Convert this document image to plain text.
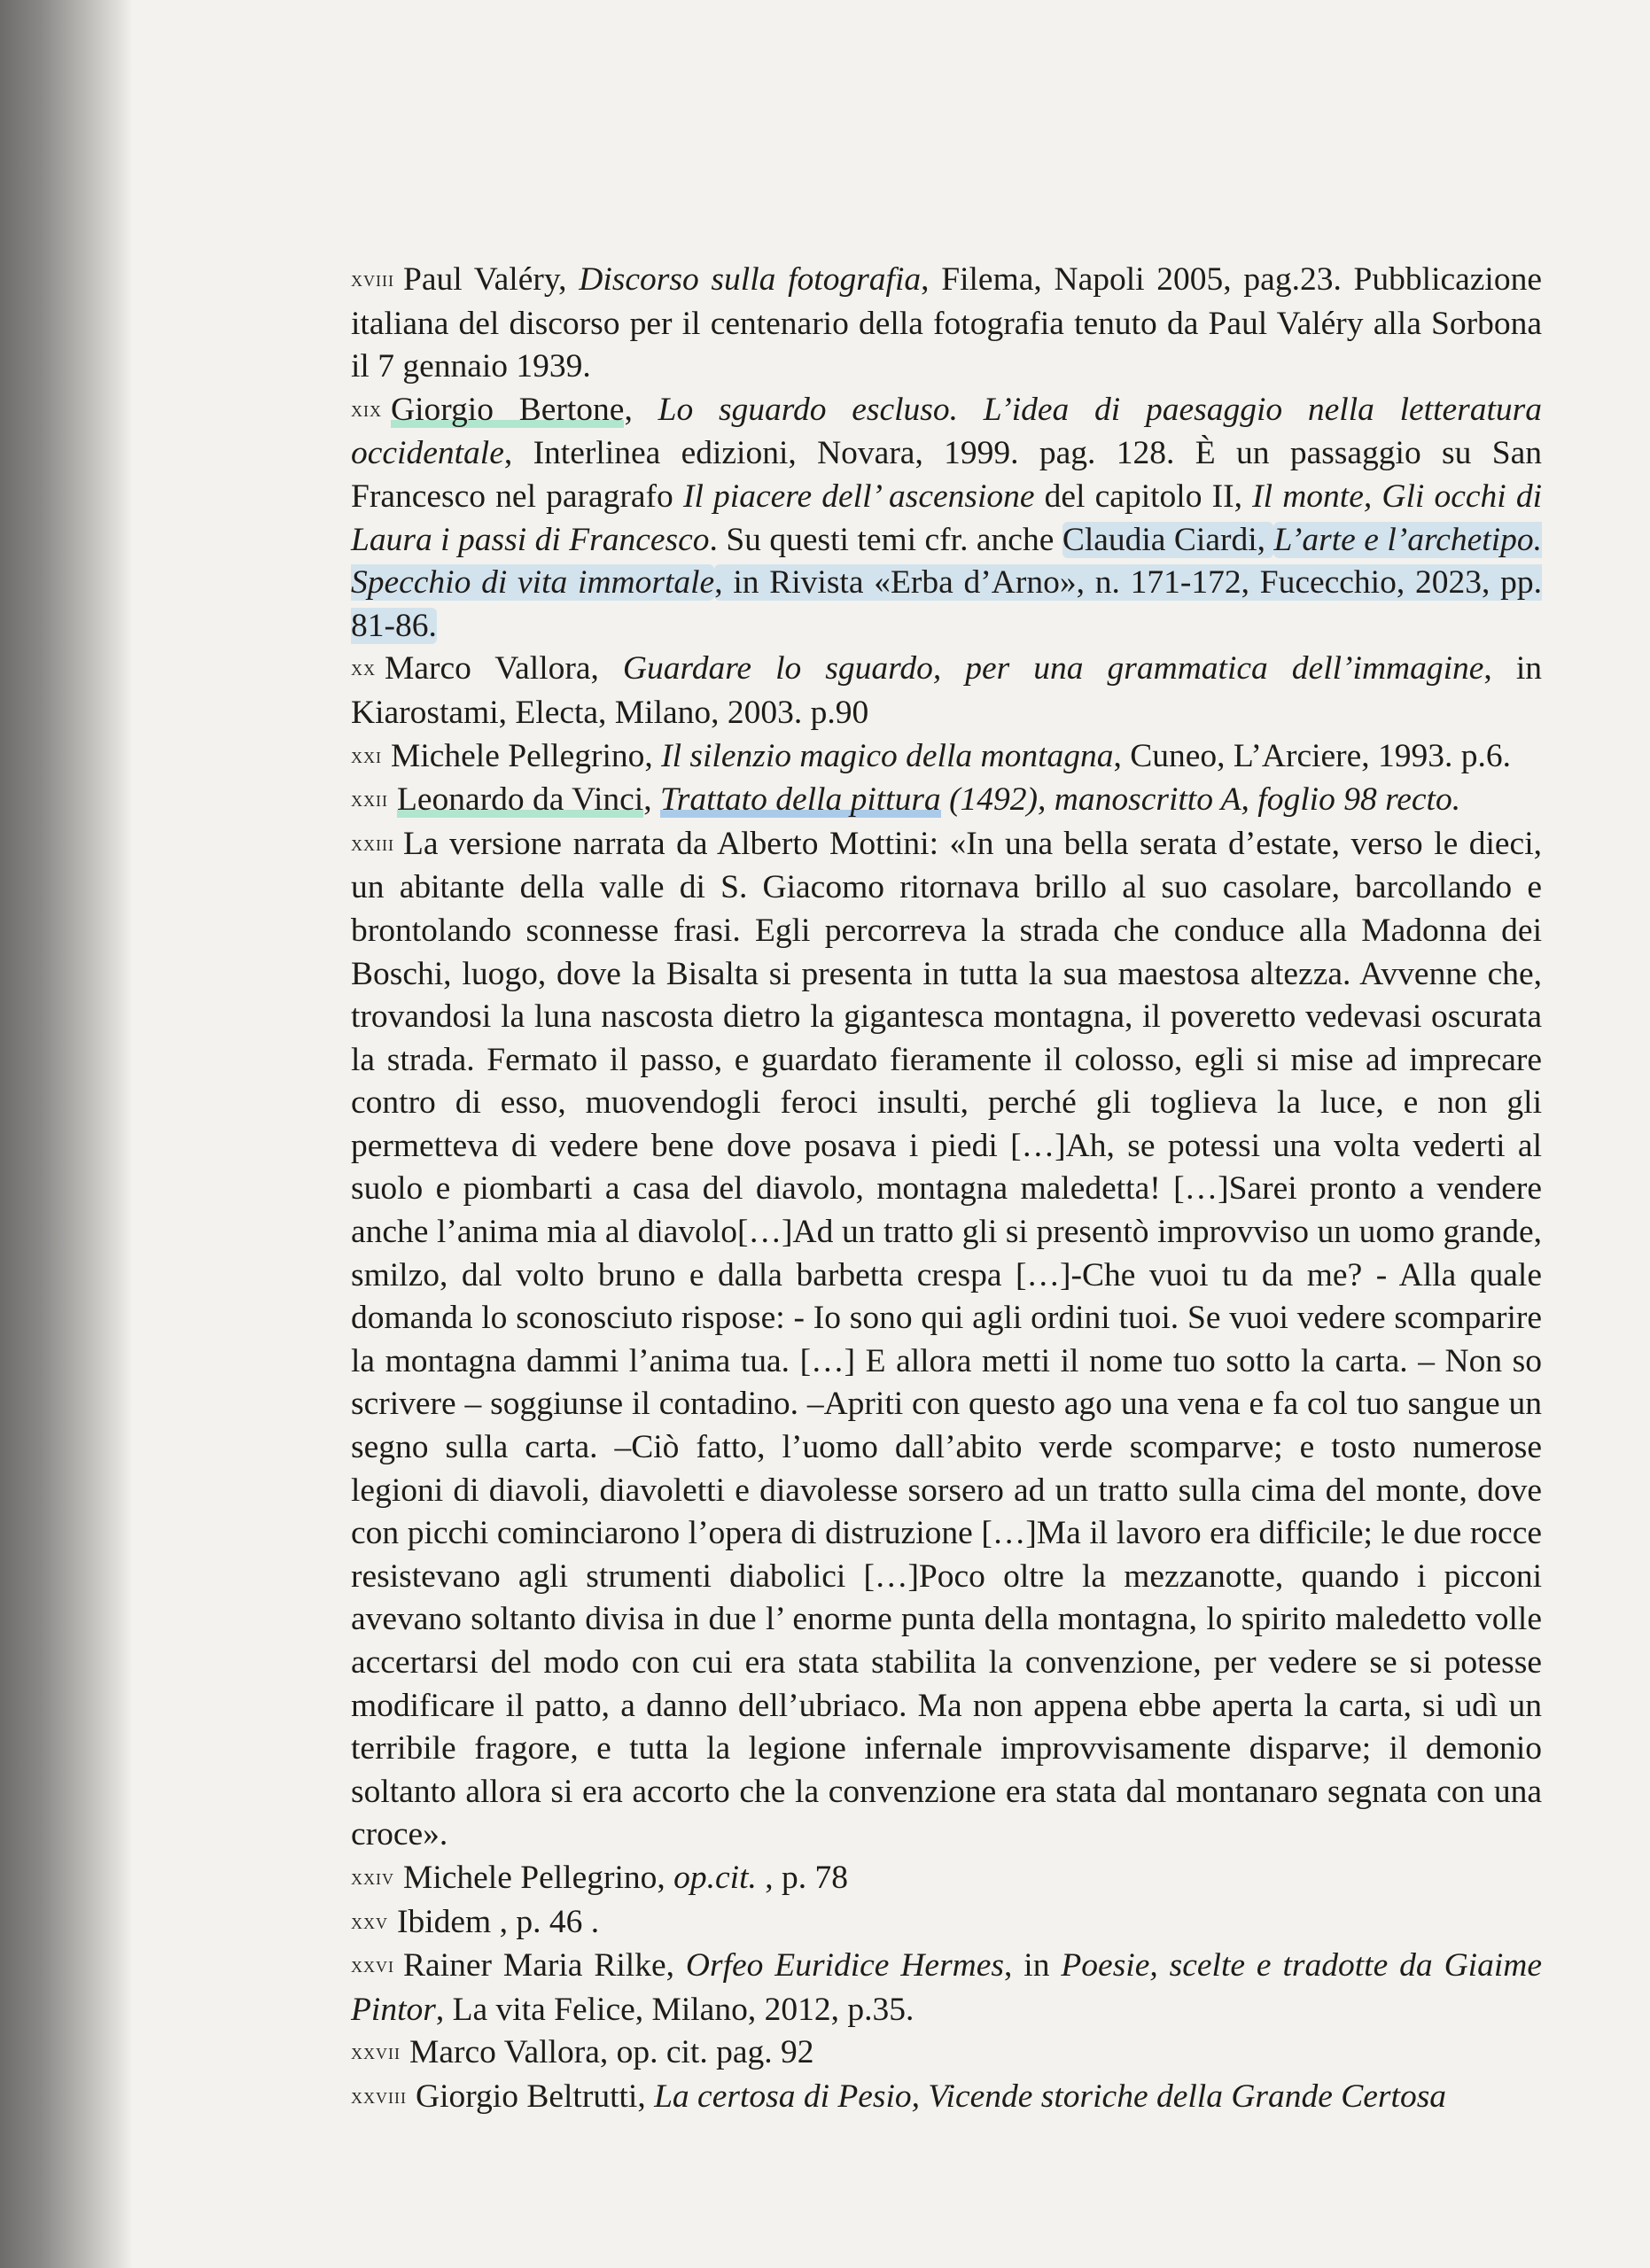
XVIII Paul Valéry, Discorso sulla fotografia, Filema, Napoli 2005, pag.23. Pubblicazione italiana del discorso per il centenario della fotografia tenuto da Paul Valéry alla Sorbona il 7 gennaio 1939.

XIX Giorgio Bertone, Lo sguardo escluso. L’idea di paesaggio nella letteratura occidentale, Interlinea edizioni, Novara, 1999. pag. 128. È un passaggio su San Francesco nel paragrafo Il piacere dell’ ascensione del capitolo II, Il monte, Gli occhi di Laura i passi di Francesco. Su questi temi cfr. anche Claudia Ciardi, L’arte e l’archetipo. Specchio di vita immortale, in Rivista «Erba d’Arno», n. 171-172, Fucecchio, 2023, pp. 81-86.

XX Marco Vallora, Guardare lo sguardo, per una grammatica dell’immagine, in Kiarostami, Electa, Milano, 2003. p.90

XXI Michele Pellegrino, Il silenzio magico della montagna, Cuneo, L’Arciere, 1993. p.6.

XXII Leonardo da Vinci, Trattato della pittura (1492), manoscritto A, foglio 98 recto.

XXIII La versione narrata da Alberto Mottini: «In una bella serata d’estate, verso le dieci, un abitante della valle di S. Giacomo ritornava brillo al suo casolare, barcollando e brontolando sconnesse frasi. Egli percorreva la strada che conduce alla Madonna dei Boschi, luogo, dove la Bisalta si presenta in tutta la sua maestosa altezza. Avvenne che, trovandosi la luna nascosta dietro la gigantesca montagna, il poveretto vedevasi oscurata la strada. Fermato il passo, e guardato fieramente il colosso, egli si mise ad imprecare contro di esso, muovendogli feroci insulti, perché gli toglieva la luce, e non gli permetteva di vedere bene dove posava i piedi […]Ah, se potessi una volta vederti al suolo e piombarti a casa del diavolo, montagna maledetta! […]Sarei pronto a vendere anche l’anima mia al diavolo[…]Ad un tratto gli si presentò improvviso un uomo grande, smilzo, dal volto bruno e dalla barbetta crespa […]-Che vuoi tu da me? - Alla quale domanda lo sconosciuto rispose: - Io sono qui agli ordini tuoi. Se vuoi vedere scomparire la montagna dammi l’anima tua. […] E allora metti il nome tuo sotto la carta. – Non so scrivere – soggiunse il contadino. –Apriti con questo ago una vena e fa col tuo sangue un segno sulla carta. –Ciò fatto, l’uomo dall’abito verde scomparve; e tosto numerose legioni di diavoli, diavoletti e diavolesse sorsero ad un tratto sulla cima del monte, dove con picchi cominciarono l’opera di distruzione […]Ma il lavoro era difficile; le due rocce resistevano agli strumenti diabolici […]Poco oltre la mezzanotte, quando i picconi avevano soltanto divisa in due l’ enorme punta della montagna, lo spirito maledetto volle accertarsi del modo con cui era stata stabilita la convenzione, per vedere se si potesse modificare il patto, a danno dell’ubriaco. Ma non appena ebbe aperta la carta, si udì un terribile fragore, e tutta la legione infernale improvvisamente disparve; il demonio soltanto allora si era accorto che la convenzione era stata dal montanaro segnata con una croce».

XXIV Michele Pellegrino, op.cit. , p. 78

XXV Ibidem , p. 46 .

XXVI Rainer Maria Rilke, Orfeo Euridice Hermes, in Poesie, scelte e tradotte da Giaime Pintor, La vita Felice, Milano, 2012, p.35.

XXVII Marco Vallora, op. cit. pag. 92

XXVIII Giorgio Beltrutti, La certosa di Pesio, Vicende storiche della Grande Certosa
